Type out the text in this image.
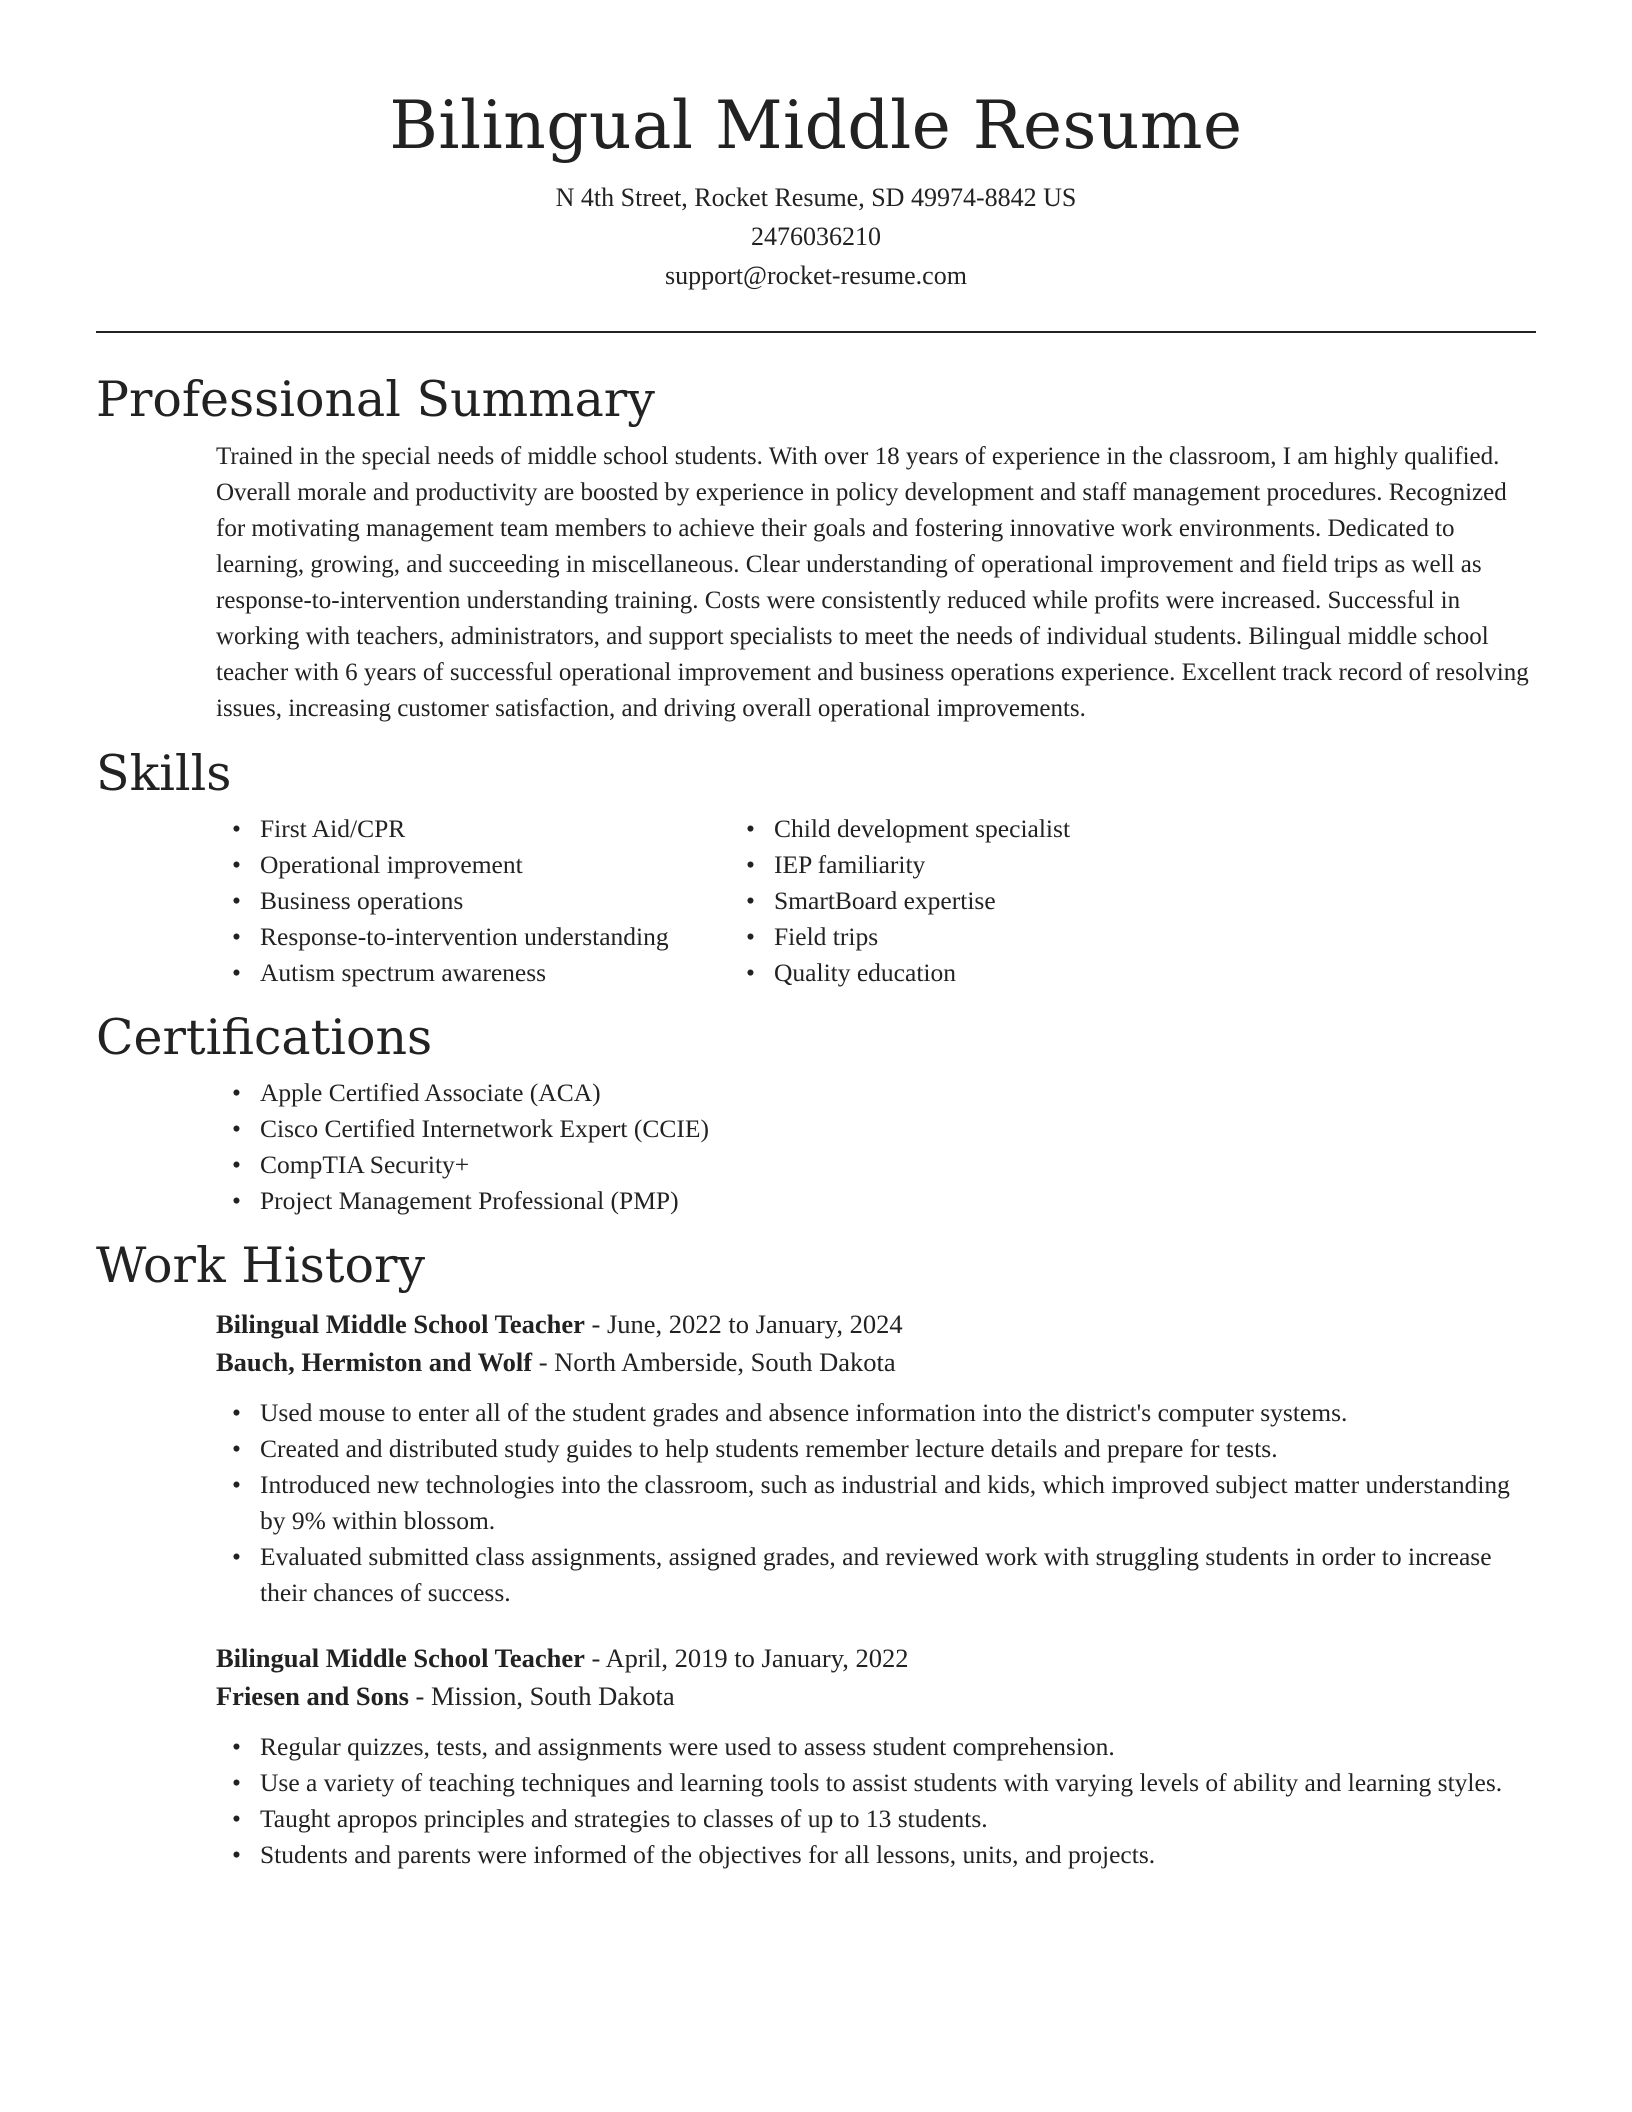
Bilingual Middle Resume
N 4th Street, Rocket Resume, SD 49974-8842 US
2476036210
support@rocket-resume.com
Professional Summary

Trained in the special needs of middle school students. With over 18 years of experience in the classroom, I am highly qualified. Overall morale and productivity are boosted by experience in policy development and staff management procedures. Recognized for motivating management team members to achieve their goals and fostering innovative work environments. Dedicated to learning, growing, and succeeding in miscellaneous. Clear understanding of operational improvement and field trips as well as response-to-intervention understanding training. Costs were consistently reduced while profits were increased. Successful in working with teachers, administrators, and support specialists to meet the needs of individual students. Bilingual middle school teacher with 6 years of successful operational improvement and business operations experience. Excellent track record of resolving issues, increasing customer satisfaction, and driving overall operational improvements.

Skills
• First Aid/CPR
• Operational improvement
• Business operations
• Response-to-intervention understanding
• Autism spectrum awareness
• Child development specialist
• IEP familiarity
• SmartBoard expertise
• Field trips
• Quality education
Certifications
• Apple Certified Associate (ACA)
• Cisco Certified Internetwork Expert (CCIE)
• CompTIA Security+
• Project Management Professional (PMP)
Work History
Bilingual Middle School Teacher - June, 2022 to January, 2024
Bauch, Hermiston and Wolf - North Amberside, South Dakota
• Used mouse to enter all of the student grades and absence information into the district's computer systems.
• Created and distributed study guides to help students remember lecture details and prepare for tests.
• Introduced new technologies into the classroom, such as industrial and kids, which improved subject matter understanding by 9% within blossom.
• Evaluated submitted class assignments, assigned grades, and reviewed work with struggling students in order to increase their chances of success.
Bilingual Middle School Teacher - April, 2019 to January, 2022
Friesen and Sons - Mission, South Dakota
• Regular quizzes, tests, and assignments were used to assess student comprehension.
• Use a variety of teaching techniques and learning tools to assist students with varying levels of ability and learning styles.
• Taught apropos principles and strategies to classes of up to 13 students.
• Students and parents were informed of the objectives for all lessons, units, and projects.
